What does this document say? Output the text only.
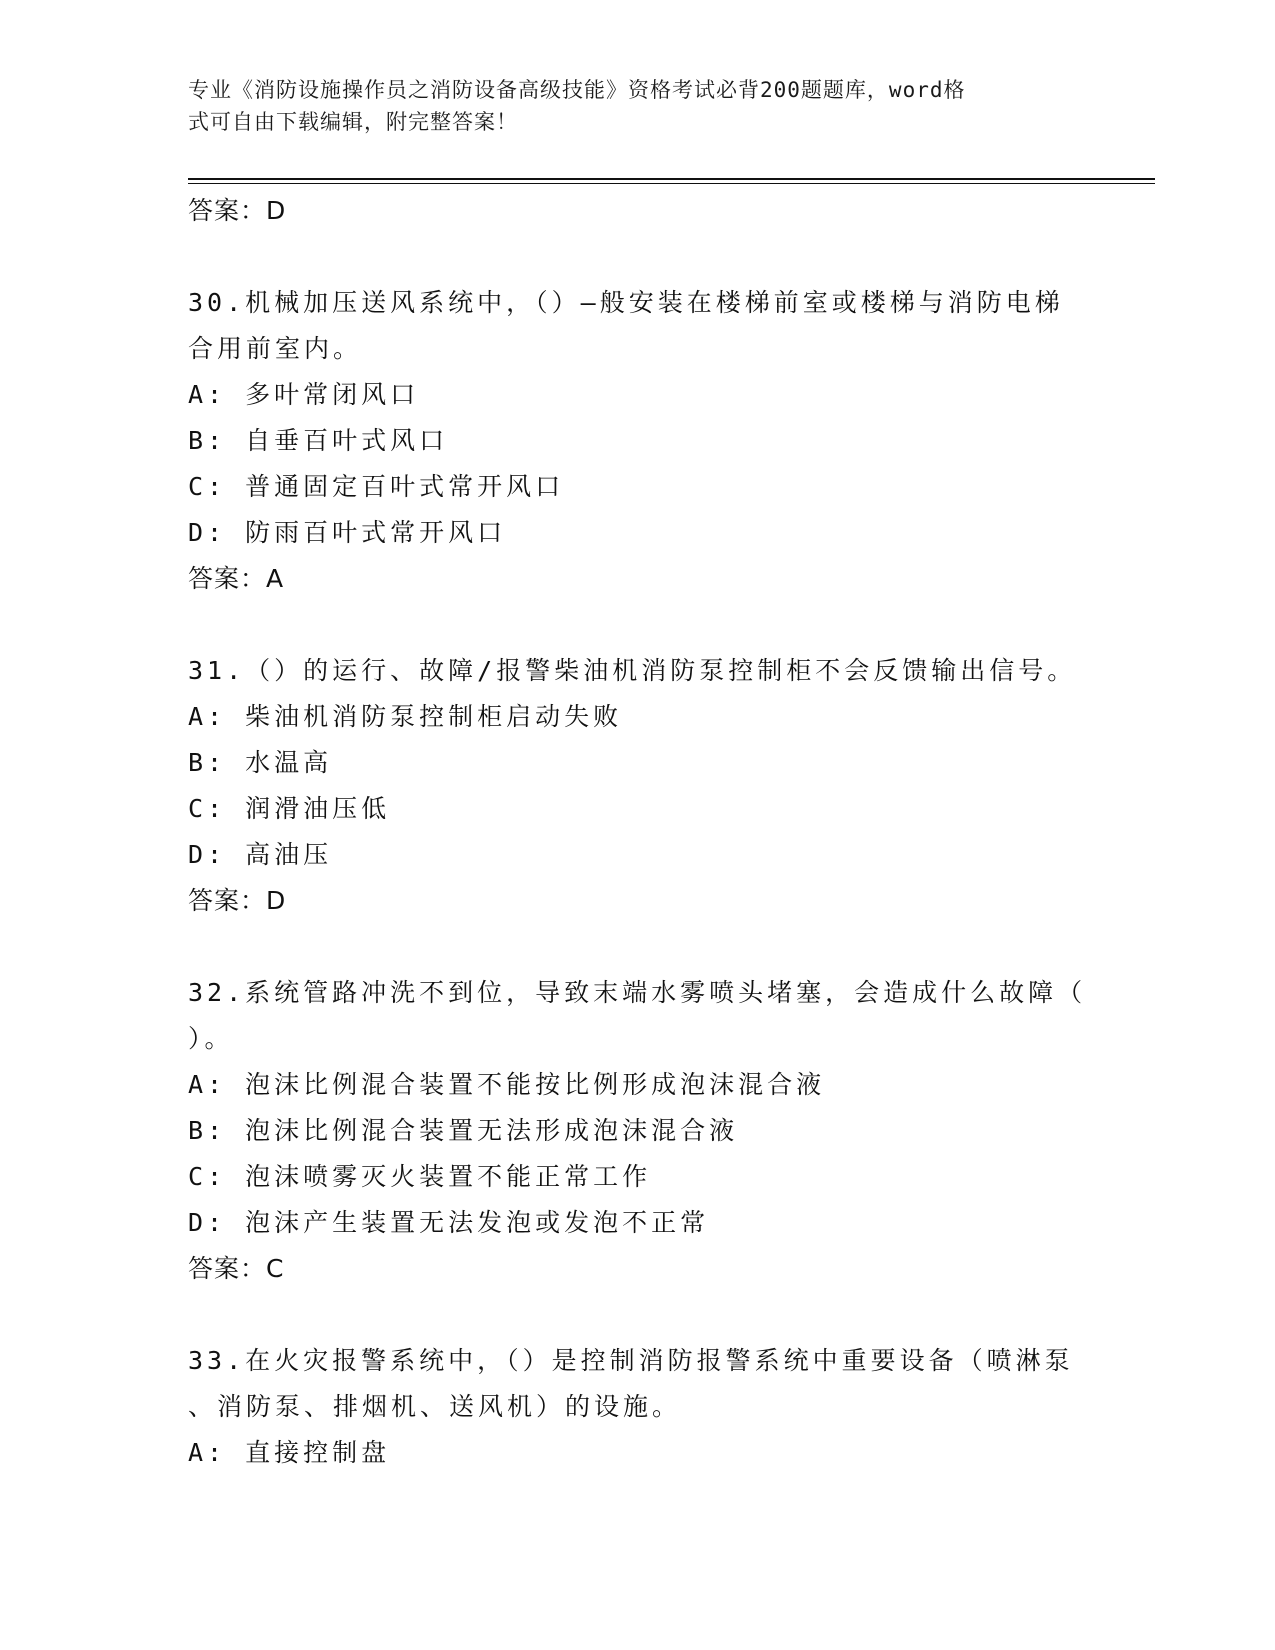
专业《消防设施操作员之消防设备高级技能》资格考试必背200题题库，word格
式可自由下载编辑，附完整答案！
答案：D
30.机械加压送风系统中，（）—般安装在楼梯前室或楼梯与消防电梯
合用前室内。
A: 多叶常闭风口
B: 自垂百叶式风口
C: 普通固定百叶式常开风口
D: 防雨百叶式常开风口
答案：A
31.（）的运行、故障/报警柴油机消防泵控制柜不会反馈输出信号。
A: 柴油机消防泵控制柜启动失败
B: 水温高
C: 润滑油压低
D: 高油压
答案：D
32.系统管路冲洗不到位，导致末端水雾喷头堵塞，会造成什么故障（
）。
A: 泡沫比例混合装置不能按比例形成泡沫混合液
B: 泡沫比例混合装置无法形成泡沫混合液
C: 泡沫喷雾灭火装置不能正常工作
D: 泡沫产生装置无法发泡或发泡不正常
答案：C
33.在火灾报警系统中，（）是控制消防报警系统中重要设备（喷淋泵
、消防泵、排烟机、送风机）的设施。
A: 直接控制盘
